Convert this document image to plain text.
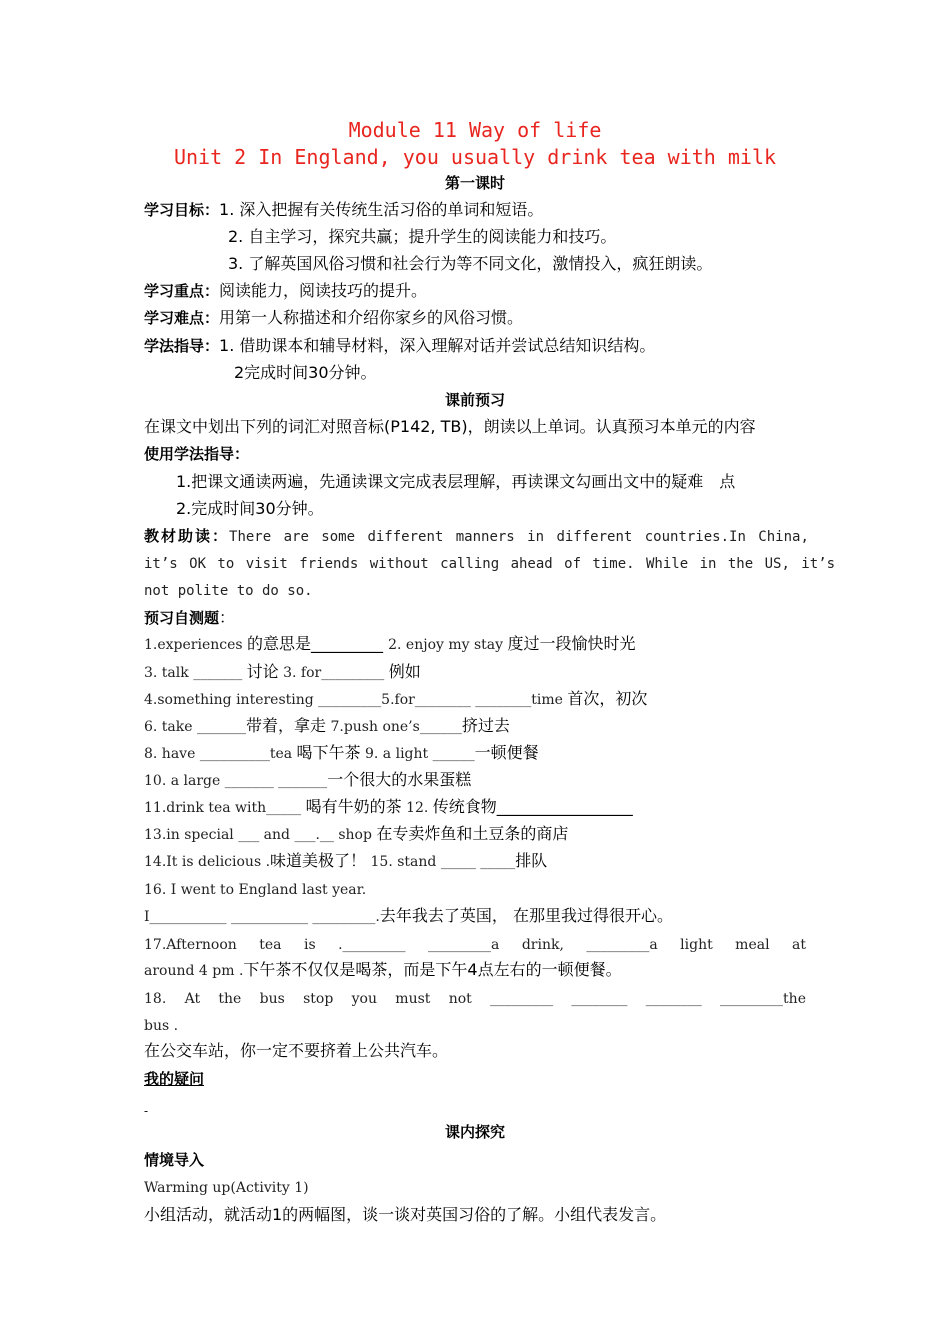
Module 11 Way of life
Unit 2 In England, you usually drink tea with milk
第一课时
学习目标：1. 深入把握有关传统生活习俗的单词和短语。
2. 自主学习，探究共赢；提升学生的阅读能力和技巧。
3. 了解英国风俗习惯和社会行为等不同文化，激情投入，疯狂朗读。
学习重点：阅读能力，阅读技巧的提升。
学习难点：用第一人称描述和介绍你家乡的风俗习惯。
学法指导：1. 借助课本和辅导材料，深入理解对话并尝试总结知识结构。
2完成时间30分钟。
课前预习
在课文中划出下列的词汇对照音标(P142, TB)，朗读以上单词。认真预习本单元的内容
使用学法指导：
1.把课文通读两遍，先通读课文完成表层理解，再读课文勾画出文中的疑难　点
2.完成时间30分钟。
教材助读：There are some different manners in different countries.In China,
it’s OK to visit friends without calling ahead of time. While in the US, it’s
not polite to do so.
预习自测题：
1.experiences 的意思是_________ 2. enjoy my stay 度过一段愉快时光
3. talk _______ 讨论 3. for_________ 例如
4.something interesting _________5.for________ ________time 首次，初次
6. take _______带着，拿走 7.push one’s______挤过去
8. have __________tea 喝下午茶 9. a light ______一顿便餐
10. a large _______ _______一个很大的水果蛋糕
11.drink tea with_____ 喝有牛奶的茶 12. 传统食物_________________
13.in special ___ and ___.__ shop 在专卖炸鱼和土豆条的商店
14.It is delicious .味道美极了！ 15. stand _____ _____排队
16. I went to England last year.
I___________ ___________ _________.去年我去了英国， 在那里我过得很开心。
17.Afternoon tea is ._________ _________a drink, _________a light meal at
around 4 pm .下午茶不仅仅是喝茶，而是下午4点左右的一顿便餐。
18. At the bus stop you must not _________ ________ ________ _________the
bus .
在公交车站，你一定不要挤着上公共汽车。
我的疑问
-
课内探究
情境导入
Warming up(Activity 1)
小组活动，就活动1的两幅图，谈一谈对英国习俗的了解。小组代表发言。
